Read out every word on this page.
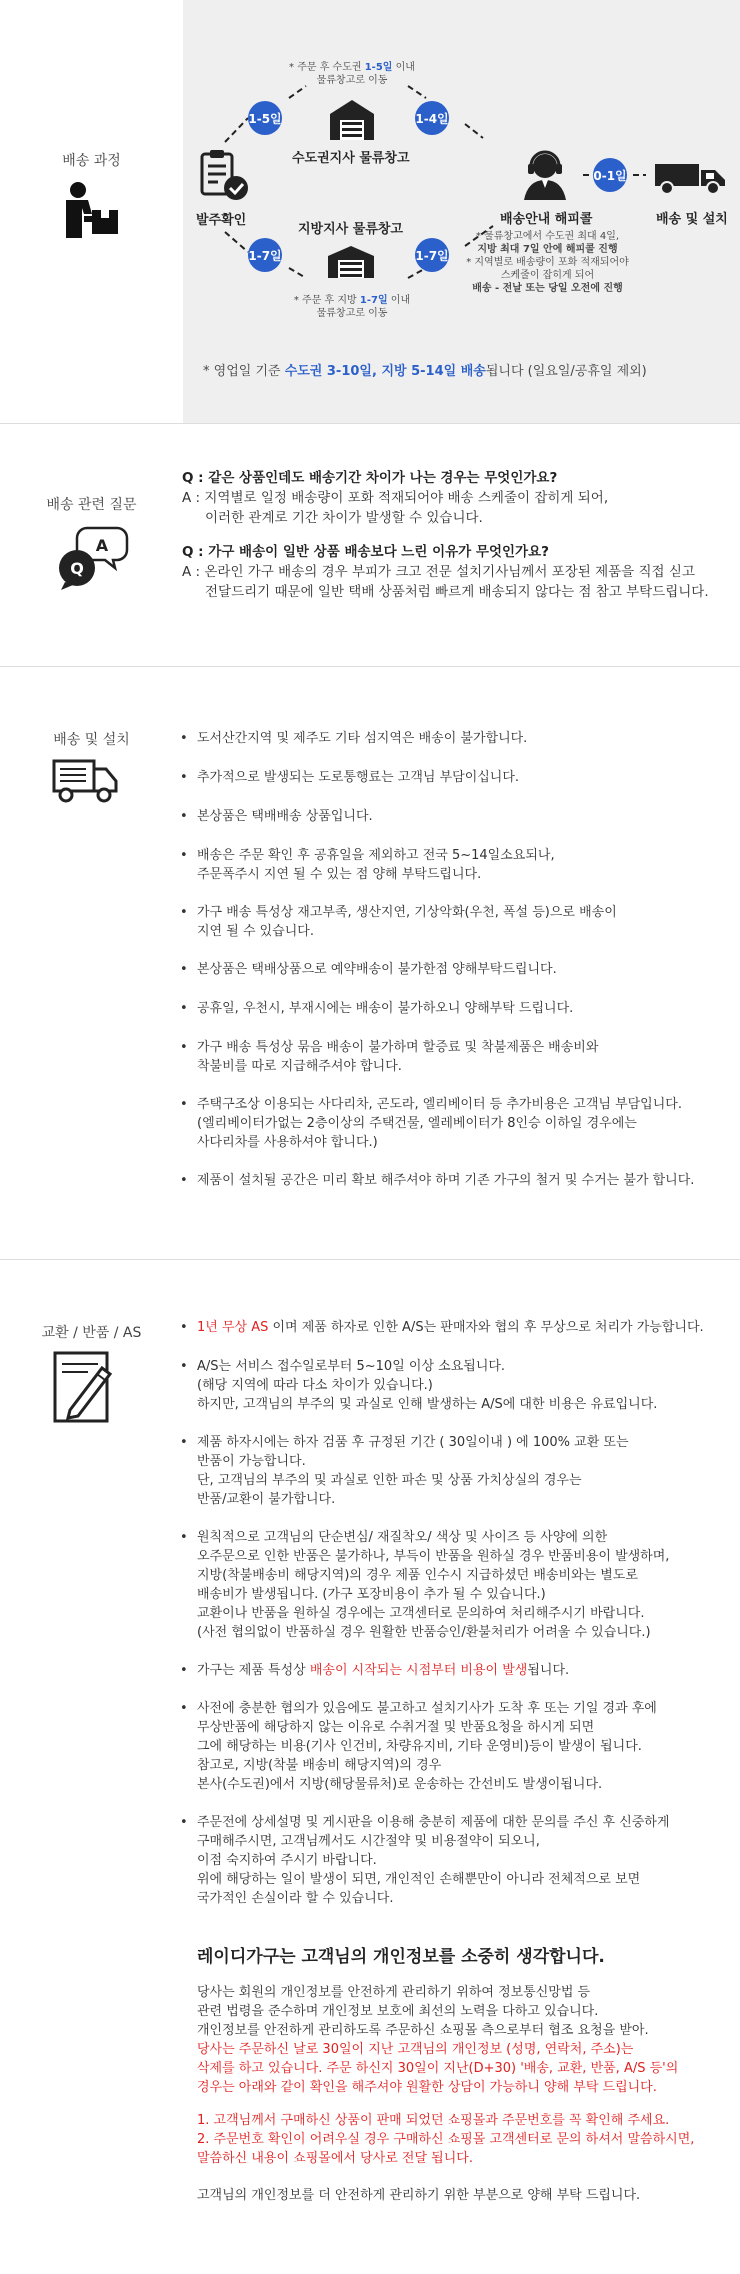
배송 과정
발주확인
* 주문 후 수도권 1-5일 이내
물류창고로 이동
수도권지사 물류창고
지방지사 물류창고
* 주문 후 지방 1-7일 이내
물류창고로 이동
1-5일	1-4일
1-7일	1-7일
0-1일
배송안내 해피콜
* 물류창고에서 수도권 최대 4일,
지방 최대 7일 안에 해피콜 진행
* 지역별로 배송량이 포화 적재되어야
스케줄이 잡히게 되어
배송 - 전날 또는 당일 오전에 진행
배송 및 설치
* 영업일 기준 수도권 3-10일, 지방 5-14일 배송됩니다 (일요일/공휴일 제외)
배송 관련 질문
A
Q

Q : 같은 상품인데도 배송기간 차이가 나는 경우는 무엇인가요?

A : 지역별로 일정 배송량이 포화 적재되어야 배송 스케줄이 잡히게 되어,

이러한 관계로 기간 차이가 발생할 수 있습니다.

Q : 가구 배송이 일반 상품 배송보다 느린 이유가 무엇인가요?

A : 온라인 가구 배송의 경우 부피가 크고 전문 설치기사님께서 포장된 제품을 직접 싣고

전달드리기 때문에 일반 택배 상품처럼 빠르게 배송되지 않다는 점 참고 부탁드립니다.

배송 및 설치	• 도서산간지역 및 제주도 기타 섬지역은 배송이 불가합니다.
• 추가적으로 발생되는 도로통행료는 고객님 부담이십니다.
• 본상품은 택배배송 상품입니다.
• 배송은 주문 확인 후 공휴일을 제외하고 전국 5~14일소요되나,
주문폭주시 지연 될 수 있는 점 양해 부탁드립니다.
• 가구 배송 특성상 재고부족, 생산지연, 기상악화(우천, 폭설 등)으로 배송이
지연 될 수 있습니다.
• 본상품은 택배상품으로 예약배송이 불가한점 양해부탁드립니다.
• 공휴일, 우천시, 부재시에는 배송이 불가하오니 양해부탁 드립니다.
• 가구 배송 특성상 묶음 배송이 불가하며 할증료 및 착불제품은 배송비와
착불비를 따로 지급해주셔야 합니다.
• 주택구조상 이용되는 사다리차, 곤도라, 엘리베이터 등 추가비용은 고객님 부담입니다.
(엘리베이터가없는 2층이상의 주택건물, 엘레베이터가 8인승 이하일 경우에는
사다리차를 사용하셔야 합니다.)
• 제품이 설치될 공간은 미리 확보 해주셔야 하며 기존 가구의 철거 및 수거는 불가 합니다.
교환 / 반품 / AS	• 1년 무상 AS 이며 제품 하자로 인한 A/S는 판매자와 협의 후 무상으로 처리가 가능합니다.
• A/S는 서비스 접수일로부터 5~10일 이상 소요됩니다.
(해당 지역에 따라 다소 차이가 있습니다.)
하지만, 고객님의 부주의 및 과실로 인해 발생하는 A/S에 대한 비용은 유료입니다.
• 제품 하자시에는 하자 검품 후 규정된 기간 ( 30일이내 ) 에 100% 교환 또는
반품이 가능합니다.
단, 고객님의 부주의 및 과실로 인한 파손 및 상품 가치상실의 경우는
반품/교환이 불가합니다.
• 원칙적으로 고객님의 단순변심/ 재질착오/ 색상 및 사이즈 등 사양에 의한
오주문으로 인한 반품은 불가하나, 부득이 반품을 원하실 경우 반품비용이 발생하며,
지방(착불배송비 해당지역)의 경우 제품 인수시 지급하셨던 배송비와는 별도로
배송비가 발생됩니다. (가구 포장비용이 추가 될 수 있습니다.)
교환이나 반품을 원하실 경우에는 고객센터로 문의하여 처리해주시기 바랍니다.
(사전 협의없이 반품하실 경우 원활한 반품승인/환불처리가 어려울 수 있습니다.)
• 가구는 제품 특성상 배송이 시작되는 시점부터 비용이 발생됩니다.
• 사전에 충분한 협의가 있음에도 불고하고 설치기사가 도착 후 또는 기일 경과 후에
무상반품에 해당하지 않는 이유로 수취거절 및 반품요청을 하시게 되면
그에 해당하는 비용(기사 인건비, 차량유지비, 기타 운영비)등이 발생이 됩니다.
참고로, 지방(착불 배송비 해당지역)의 경우
본사(수도권)에서 지방(해당물류처)로 운송하는 간선비도 발생이됩니다.
• 주문전에 상세설명 및 게시판을 이용해 충분히 제품에 대한 문의를 주신 후 신중하게
구매해주시면, 고객님께서도 시간절약 및 비용절약이 되오니,
이점 숙지하여 주시기 바랍니다.
위에 해당하는 일이 발생이 되면, 개인적인 손해뿐만이 아니라 전체적으로 보면
국가적인 손실이라 할 수 있습니다.
레이디가구는 고객님의 개인정보를 소중히 생각합니다.
당사는 회원의 개인정보를 안전하게 관리하기 위하여 정보통신망법 등
관련 법령을 준수하며 개인정보 보호에 최선의 노력을 다하고 있습니다.
개인정보를 안전하게 관리하도록 주문하신 쇼핑몰 측으로부터 협조 요청을 받아.
당사는 주문하신 날로 30일이 지난 고객님의 개인정보 (성명, 연락처, 주소)는
삭제를 하고 있습니다. 주문 하신지 30일이 지난(D+30) '배송, 교환, 반품, A/S 등'의
경우는 아래와 같이 확인을 해주셔야 원활한 상담이 가능하니 양해 부탁 드립니다.
1. 고객님께서 구매하신 상품이 판매 되었던 쇼핑몰과 주문번호를 꼭 확인해 주세요.
2. 주문번호 확인이 어려우실 경우 구매하신 쇼핑몰 고객센터로 문의 하셔서 말씀하시면,
말씀하신 내용이 쇼핑몰에서 당사로 전달 됩니다.
고객님의 개인정보를 더 안전하게 관리하기 위한 부분으로 양해 부탁 드립니다.
